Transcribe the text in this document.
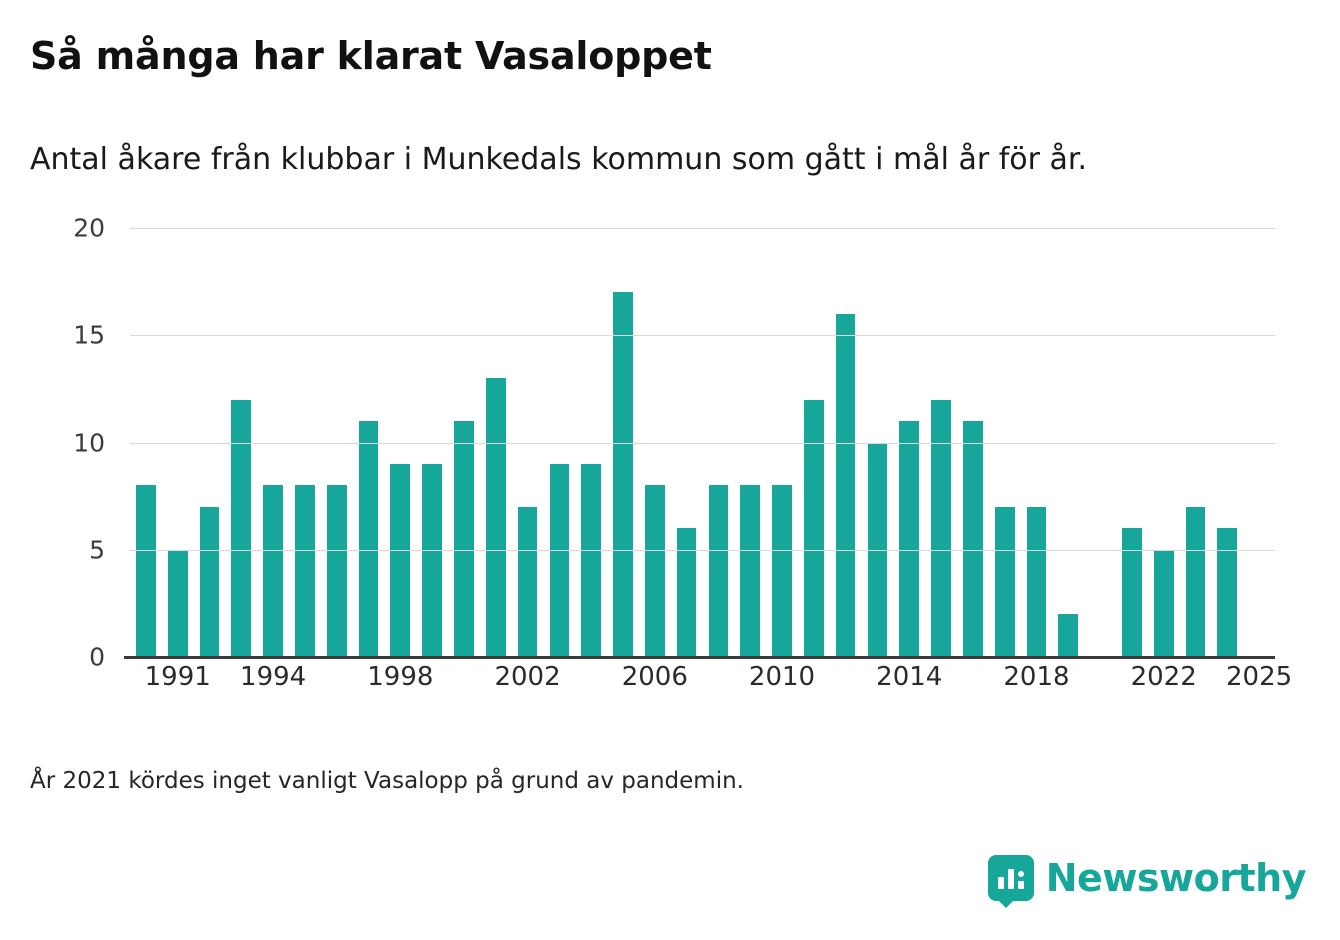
Så många har klarat Vasaloppet
Antal åkare från klubbar i Munkedals kommun som gått i mål år för år.
0
5
10
15
20
1991 1994 1998 2002 2006 2010 2014 2018 2022 2025
År 2021 kördes inget vanligt Vasalopp på grund av pandemin.
Newsworthy
